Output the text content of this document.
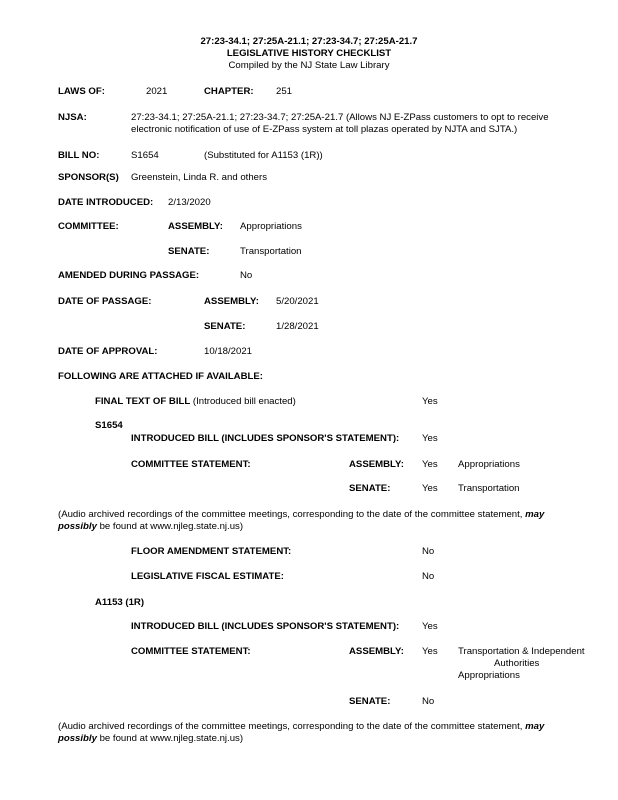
27:23-34.1; 27:25A-21.1; 27:23-34.7; 27:25A-21.7
LEGISLATIVE HISTORY CHECKLIST
Compiled by the NJ State Law Library
LAWS OF:	2021	CHAPTER: 251
NJSA:	27:23-34.1; 27:25A-21.1; 27:23-34.7; 27:25A-21.7 (Allows NJ E-ZPass customers to opt to receive
electronic notification of use of E-ZPass system at toll plazas operated by NJTA and SJTA.)
BILL NO:	S1654	(Substituted for A1153 (1R))
SPONSOR(S) Greenstein, Linda R. and others
DATE INTRODUCED: 2/13/2020
COMMITTEE:	ASSEMBLY: Appropriations
SENATE:	Transportation
AMENDED DURING PASSAGE:	No
DATE OF PASSAGE:	ASSEMBLY: 5/20/2021
SENATE:	1/28/2021
DATE OF APPROVAL:	10/18/2021
FOLLOWING ARE ATTACHED IF AVAILABLE:
FINAL TEXT OF BILL (Introduced bill enacted)	Yes
S1654
INTRODUCED BILL (INCLUDES SPONSOR'S STATEMENT): Yes
COMMITTEE STATEMENT:	ASSEMBLY: Yes Appropriations
SENATE:	Yes Transportation
(Audio archived recordings of the committee meetings, corresponding to the date of the committee statement, may
possibly be found at www.njleg.state.nj.us)
FLOOR AMENDMENT STATEMENT:	No
LEGISLATIVE FISCAL ESTIMATE:	No
A1153 (1R)
INTRODUCED BILL (INCLUDES SPONSOR'S STATEMENT): Yes
COMMITTEE STATEMENT:	ASSEMBLY: Yes Transportation & Independent
Authorities
Appropriations
SENATE:	No
(Audio archived recordings of the committee meetings, corresponding to the date of the committee statement, may
possibly be found at www.njleg.state.nj.us)
